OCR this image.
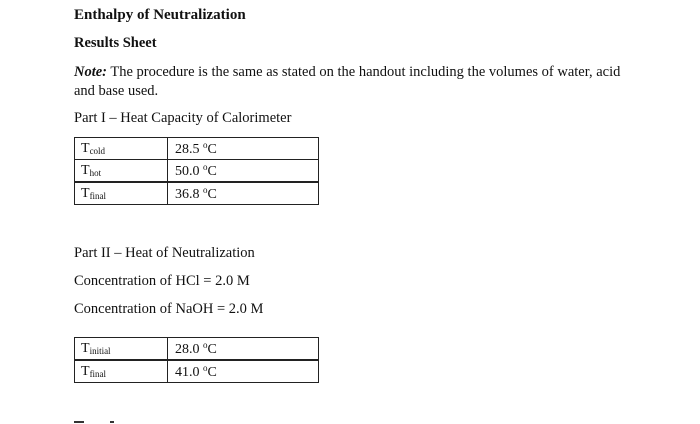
Enthalpy of Neutralization
Results Sheet
Note: The procedure is the same as stated on the handout including the volumes of water, acid and base used.
Part I – Heat Capacity of Calorimeter
$T_{cold}$	28.5 $^o$C
$T_{hot}$	50.0 $^o$C
$T_{final}$	36.8 $^o$C
Part II – Heat of Neutralization
Concentration of HCl = 2.0 M
Concentration of NaOH = 2.0 M
$T_{initial}$	28.0 $^o$C
$T_{final}$	41.0 $^o$C
